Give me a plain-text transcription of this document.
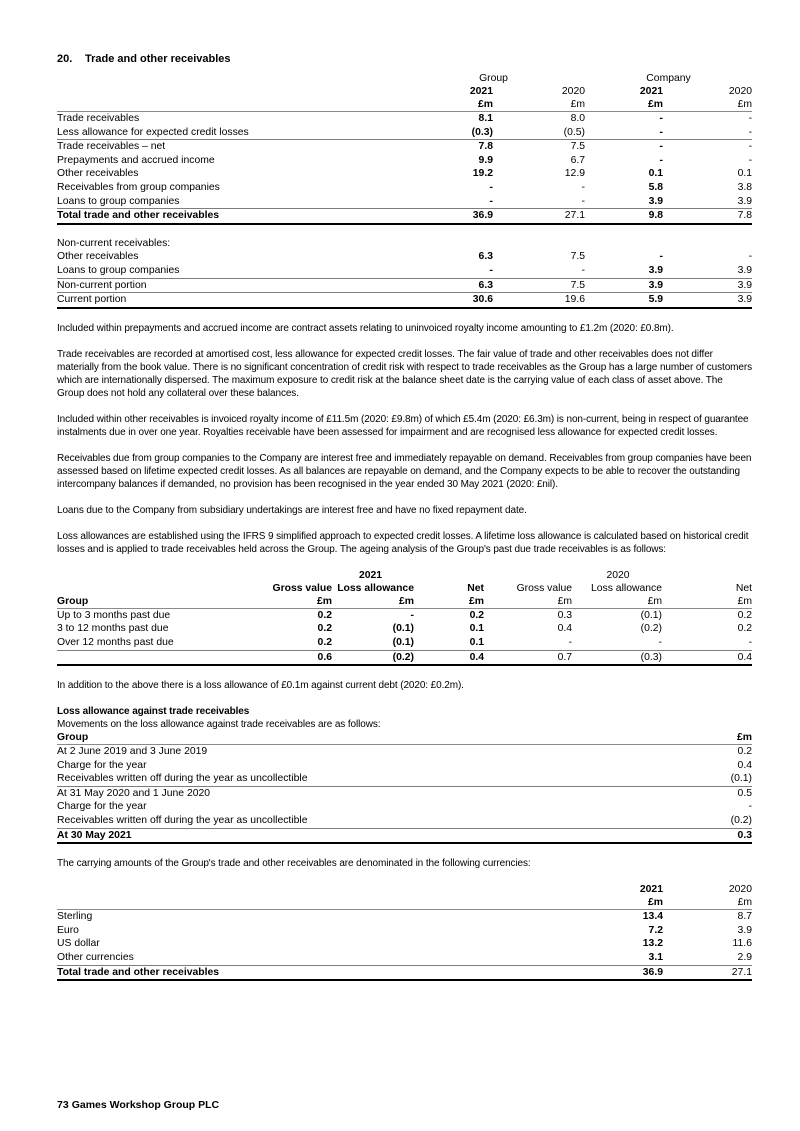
20.	Trade and other receivables
	Group		Company	
	2021	2020	2021	2020
	£m	£m	£m	£m
Trade receivables	8.1	8.0	-	-
Less allowance for expected credit losses	(0.3)	(0.5)	-	-
Trade receivables – net	7.8	7.5	-	-
Prepayments and accrued income	9.9	6.7	-	-
Other receivables	19.2	12.9	0.1	0.1
Receivables from group companies	-	-	5.8	3.8
Loans to group companies	-	-	3.9	3.9
Total trade and other receivables	36.9	27.1	9.8	7.8

Non-current receivables:				
Other receivables	6.3	7.5	-	-
Loans to group companies	-	-	3.9	3.9
Non-current portion	6.3	7.5	3.9	3.9
Current portion	30.6	19.6	5.9	3.9

Included within prepayments and accrued income are contract assets relating to uninvoiced royalty income amounting to £1.2m (2020: £0.8m).

Trade receivables are recorded at amortised cost, less allowance for expected credit losses. The fair value of trade and other receivables does not differ materially from the book value. There is no significant concentration of credit risk with respect to trade receivables as the Group has a large number of customers which are internationally dispersed. The maximum exposure to credit risk at the balance sheet date is the carrying value of each class of asset above. The Group does not hold any collateral over these balances.

Included within other receivables is invoiced royalty income of £11.5m (2020: £9.8m) of which £5.4m (2020: £6.3m) is non-current, being in respect of guarantee instalments due in over one year. Royalties receivable have been assessed for impairment and are recognised less allowance for expected credit losses.

Receivables due from group companies to the Company are interest free and immediately repayable on demand. Receivables from group companies have been assessed based on lifetime expected credit losses. As all balances are repayable on demand, and the Company expects to be able to recover the outstanding intercompany balances if demanded, no provision has been recognised in the year ended 30 May 2021 (2020: £nil).

Loans due to the Company from subsidiary undertakings are interest free and have no fixed repayment date.

Loss allowances are established using the IFRS 9 simplified approach to expected credit losses. A lifetime loss allowance is calculated based on historical credit losses and is applied to trade receivables held across the Group. The ageing analysis of the Group's past due trade receivables is as follows:

	2021			2020		
	Gross value	Loss allowance	Net	Gross value	Loss allowance	Net
Group	£m	£m	£m	£m	£m	£m
Up to 3 months past due	0.2	-	0.2	0.3	(0.1)	0.2
3 to 12 months past due	0.2	(0.1)	0.1	0.4	(0.2)	0.2
Over 12 months past due	0.2	(0.1)	0.1	-	-	-
	0.6	(0.2)	0.4	0.7	(0.3)	0.4

In addition to the above there is a loss allowance of £0.1m against current debt (2020: £0.2m).

Loss allowance against trade receivables

Movements on the loss allowance against trade receivables are as follows:

Group	£m
At 2 June 2019 and 3 June 2019	0.2
Charge for the year	0.4
Receivables written off during the year as uncollectible	(0.1)
At 31 May 2020 and 1 June 2020	0.5
Charge for the year	-
Receivables written off during the year as uncollectible	(0.2)
At 30 May 2021	0.3

The carrying amounts of the Group's trade and other receivables are denominated in the following currencies:

	2021	2020
	£m	£m
Sterling	13.4	8.7
Euro	7.2	3.9
US dollar	13.2	11.6
Other currencies	3.1	2.9
Total trade and other receivables	36.9	27.1
73 Games Workshop Group PLC
